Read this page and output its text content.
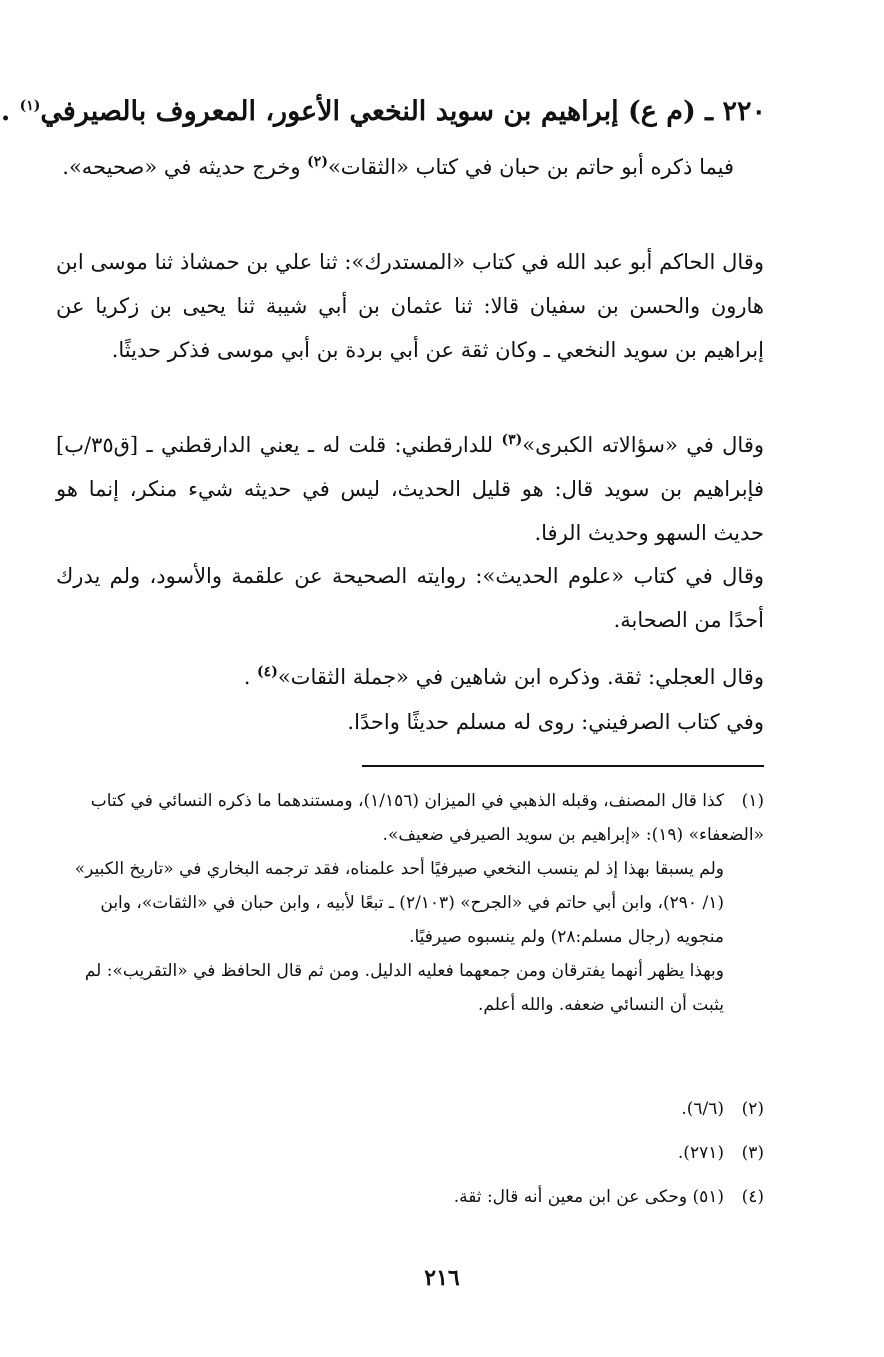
٢٢٠ ـ (م ع) إبراهيم بن سويد النخعي الأعور، المعروف بالصيرفي$^{(١)}$ .

فيما ذكره أبو حاتم بن حبان في كتاب «الثقات»$^{(٢)}$ وخرج حديثه في «صحيحه».

وقال الحاكم أبو عبد الله في كتاب «المستدرك»: ثنا علي بن حمشاذ ثنا موسى ابن هارون والحسن بن سفيان قالا: ثنا عثمان بن أبي شيبة ثنا يحيى بن زكريا عن إبراهيم بن سويد النخعي ـ وكان ثقة عن أبي بردة بن أبي موسى فذكر حديثًا.

وقال في «سؤالاته الكبرى»$^{(٣)}$ للدارقطني: قلت له ـ يعني الدارقطني ـ [ق٣٥/ب] فإبراهيم بن سويد قال: هو قليل الحديث، ليس في حديثه شيء منكر، إنما هو حديث السهو وحديث الرفا.

وقال في كتاب «علوم الحديث»: روايته الصحيحة عن علقمة والأسود، ولم يدرك أحدًا من الصحابة.

وقال العجلي: ثقة. وذكره ابن شاهين في «جملة الثقات»$^{(٤)}$ .

وفي كتاب الصرفيني: روى له مسلم حديثًا واحدًا.

(١)كذا قال المصنف، وقبله الذهبي في الميزان (١/١٥٦)، ومستندهما ما ذكره النسائي في كتاب «الضعفاء» (١٩): «إبراهيم بن سويد الصيرفي ضعيف».
ولم يسبقا بهذا إذ لم ينسب النخعي صيرفيًا أحد علمناه، فقد ترجمه البخاري في «تاريخ الكبير» (١/ ٢٩٠)، وابن أبي حاتم في «الجرح» (٢/١٠٣) ـ تبعًا لأبيه ، وابن حبان في «الثقات»، وابن منجويه (رجال مسلم:٢٨) ولم ينسبوه صيرفيًا.
وبهذا يظهر أنهما يفترقان ومن جمعهما فعليه الدليل. ومن ثم قال الحافظ في «التقريب»: لم يثبت أن النسائي ضعفه. والله أعلم.
(٢)(٦/٦).
(٣)(٢٧١).
(٤)(٥١) وحكى عن ابن معين أنه قال: ثقة.
٢١٦
